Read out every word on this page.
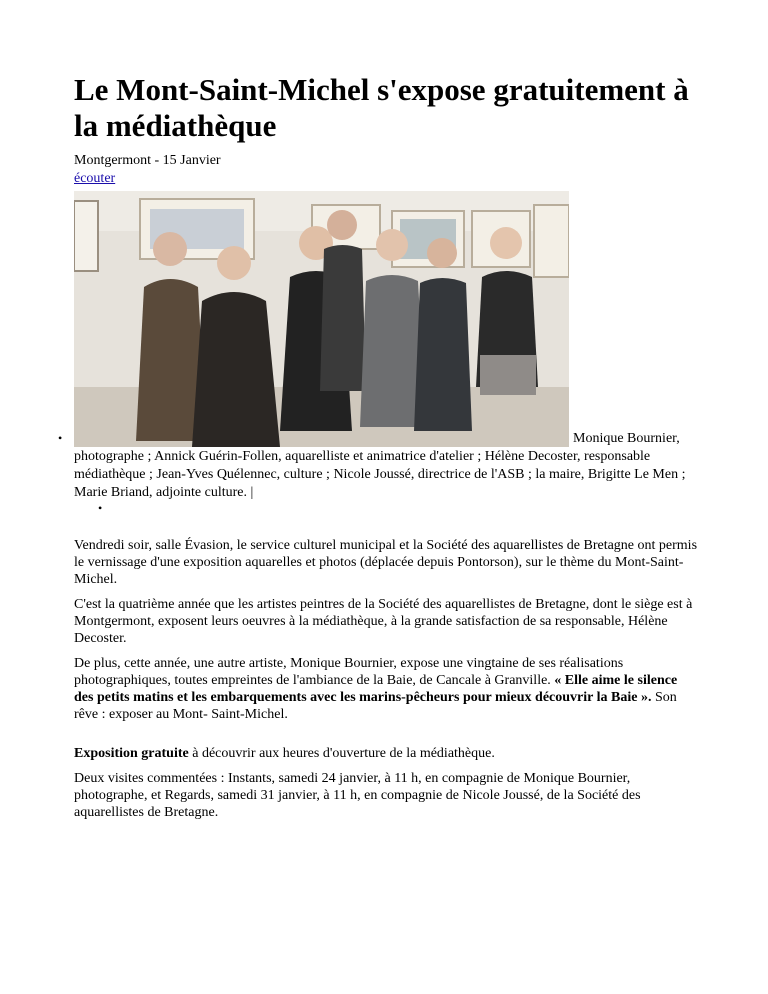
Le Mont-Saint-Michel s'expose gratuitement à la médiathèque
Montgermont - 15 Janvier
écouter
•	Monique Bournier, photographe ; Annick Guérin-Follen, aquarelliste et animatrice d'atelier ; Hélène Decoster, responsable médiathèque ; Jean-Yves Quélennec, culture ; Nicole Joussé, directrice de l'ASB ; la maire, Brigitte Le Men ; Marie Briand, adjointe culture. |
•

Vendredi soir, salle Évasion, le service culturel municipal et la Société des aquarellistes de Bretagne ont permis le vernissage d'une exposition aquarelles et photos (déplacée depuis Pontorson), sur le thème du Mont-Saint-Michel.

C'est la quatrième année que les artistes peintres de la Société des aquarellistes de Bretagne, dont le siège est à Montgermont, exposent leurs oeuvres à la médiathèque, à la grande satisfaction de sa responsable, Hélène Decoster.

De plus, cette année, une autre artiste, Monique Bournier, expose une vingtaine de ses réalisations photographiques, toutes empreintes de l'ambiance de la Baie, de Cancale à Granville. « Elle aime le silence des petits matins et les embarquements avec les marins-pêcheurs pour mieux découvrir la Baie ». Son rêve : exposer au Mont- Saint-Michel.

Exposition gratuite à découvrir aux heures d'ouverture de la médiathèque.

Deux visites commentées : Instants, samedi 24 janvier, à 11 h, en compagnie de Monique Bournier, photographe, et Regards, samedi 31 janvier, à 11 h, en compagnie de Nicole Joussé, de la Société des aquarellistes de Bretagne.
